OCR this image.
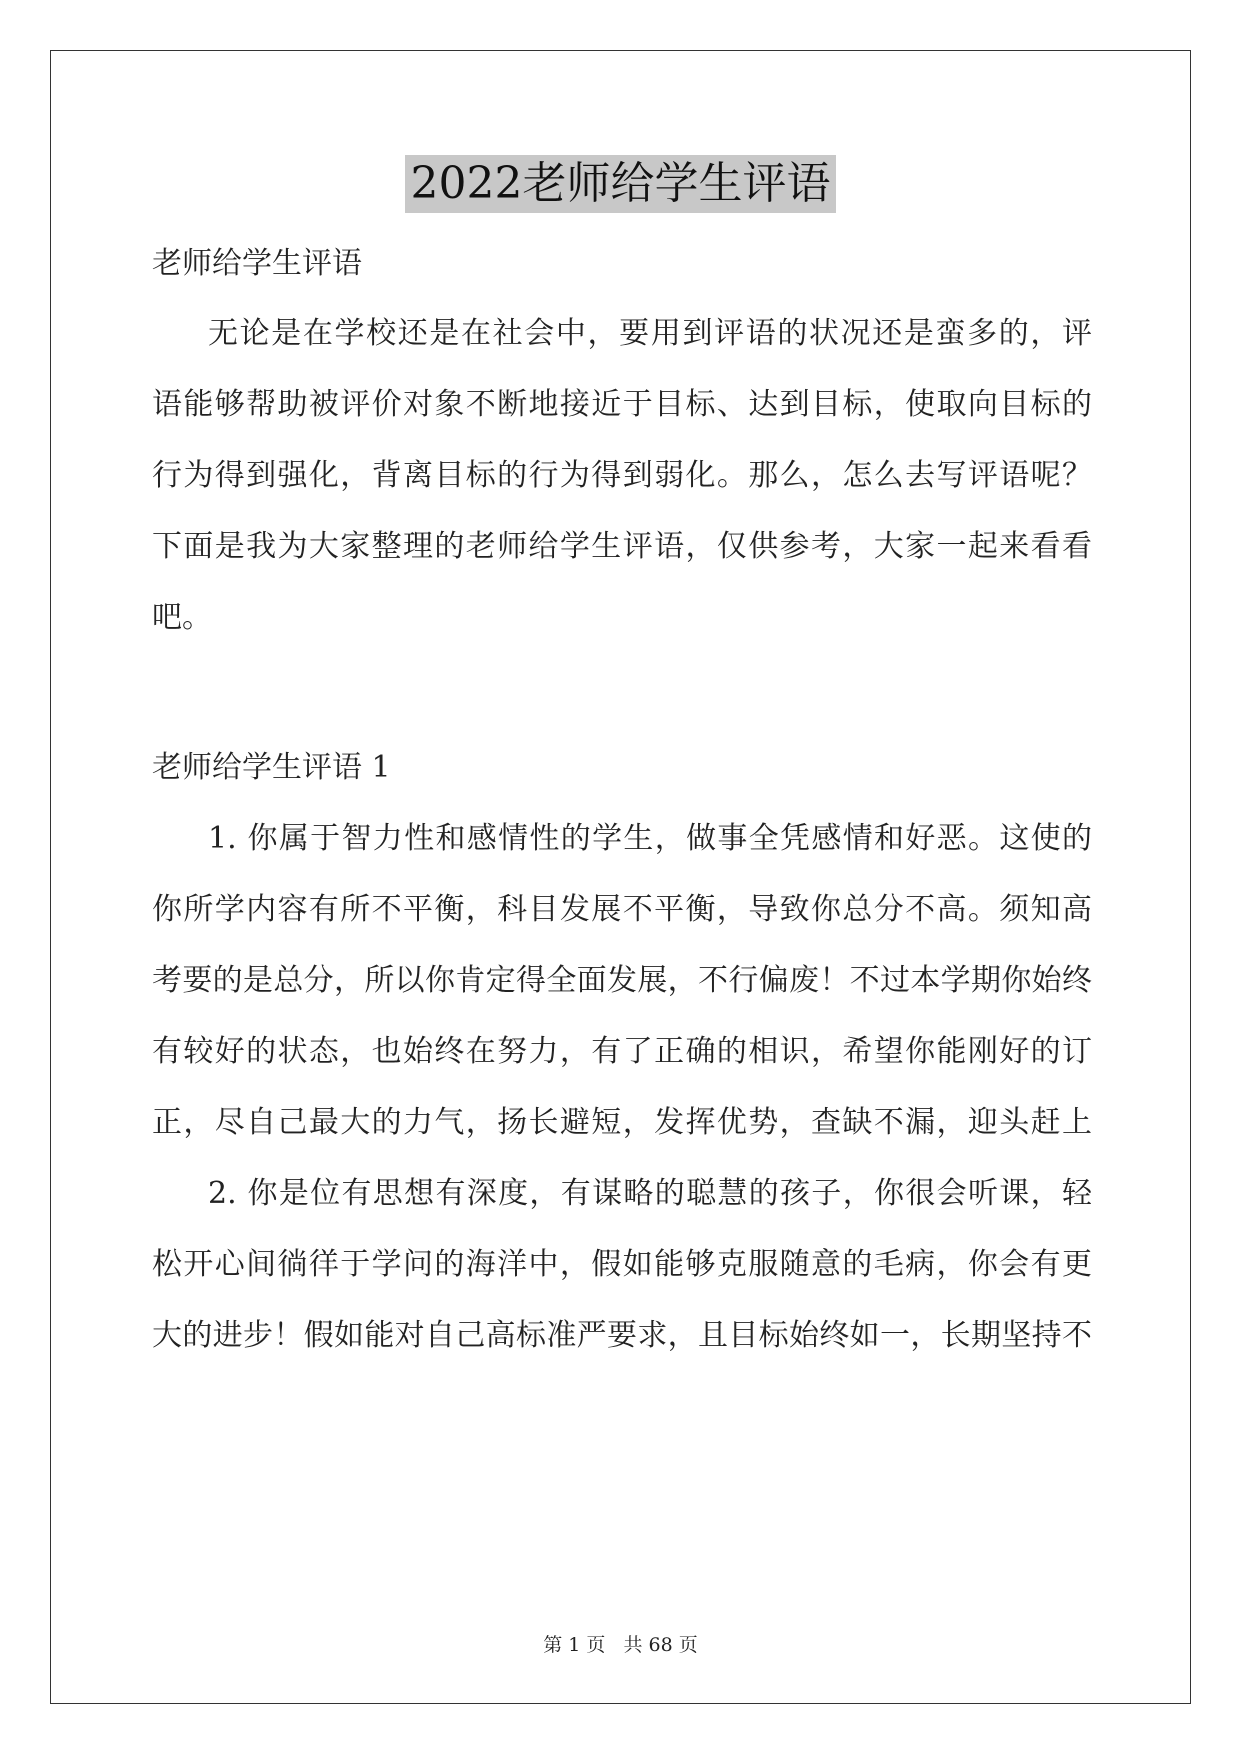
2022老师给学生评语
老师给学生评语
无论是在学校还是在社会中，要用到评语的状况还是蛮多的，评
语能够帮助被评价对象不断地接近于目标、达到目标，使取向目标的
行为得到强化，背离目标的行为得到弱化。那么，怎么去写评语呢？
下面是我为大家整理的老师给学生评语，仅供参考，大家一起来看看
吧。
老师给学生评语 1
1. 你属于智力性和感情性的学生，做事全凭感情和好恶。这使的
你所学内容有所不平衡，科目发展不平衡，导致你总分不高。须知高
考要的是总分，所以你肯定得全面发展，不行偏废！不过本学期你始终
有较好的状态，也始终在努力，有了正确的相识，希望你能刚好的订
正，尽自己最大的力气，扬长避短，发挥优势，查缺不漏，迎头赶上
2. 你是位有思想有深度，有谋略的聪慧的孩子，你很会听课，轻
松开心间徜徉于学问的海洋中，假如能够克服随意的毛病，你会有更
大的进步！假如能对自己高标准严要求，且目标始终如一，长期坚持不
第 1 页 共 68 页
